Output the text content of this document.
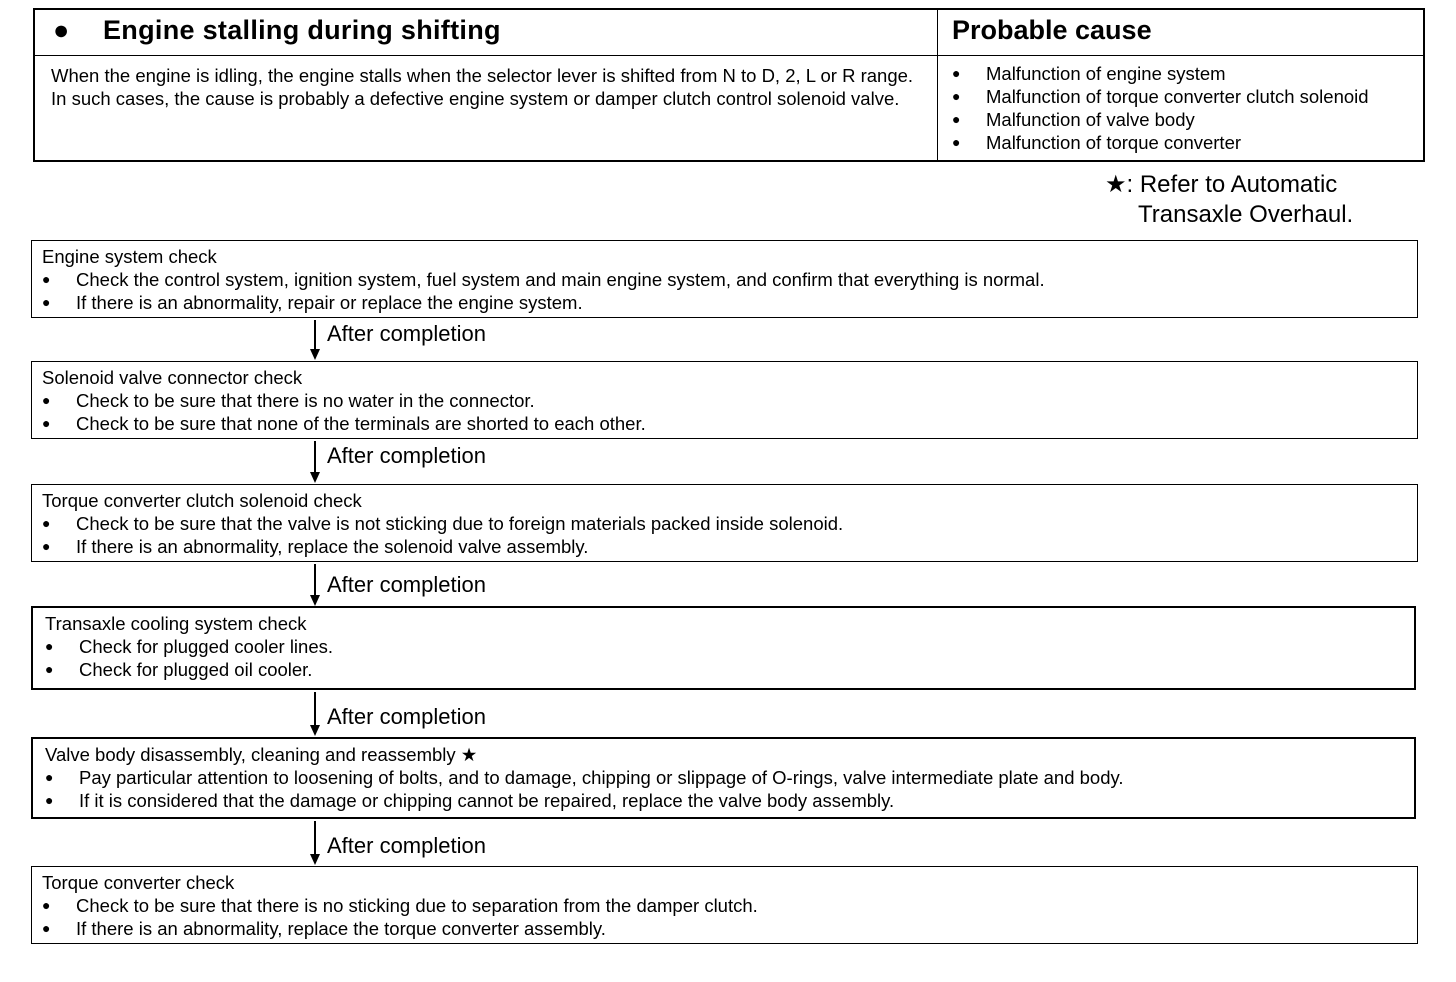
● Engine stalling during shifting	Probable cause
When the engine is idling, the engine stalls when the selector lever is shifted from N to D, 2, L or R range. In such cases, the cause is probably a defective engine system or damper clutch control solenoid valve.
● Malfunction of engine system
● Malfunction of torque converter clutch solenoid
● Malfunction of valve body
● Malfunction of torque converter
★: Refer to Automatic
Transaxle Overhaul.
Engine system check
● Check the control system, ignition system, fuel system and main engine system, and confirm that everything is normal.
● If there is an abnormality, repair or replace the engine system.
After completion
Solenoid valve connector check
● Check to be sure that there is no water in the connector.
● Check to be sure that none of the terminals are shorted to each other.
After completion
Torque converter clutch solenoid check
● Check to be sure that the valve is not sticking due to foreign materials packed inside solenoid.
● If there is an abnormality, replace the solenoid valve assembly.
After completion
Transaxle cooling system check
● Check for plugged cooler lines.
● Check for plugged oil cooler.
After completion
Valve body disassembly, cleaning and reassembly ★
● Pay particular attention to loosening of bolts, and to damage, chipping or slippage of O-rings, valve intermediate plate and body.
● If it is considered that the damage or chipping cannot be repaired, replace the valve body assembly.
After completion
Torque converter check
● Check to be sure that there is no sticking due to separation from the damper clutch.
● If there is an abnormality, replace the torque converter assembly.
